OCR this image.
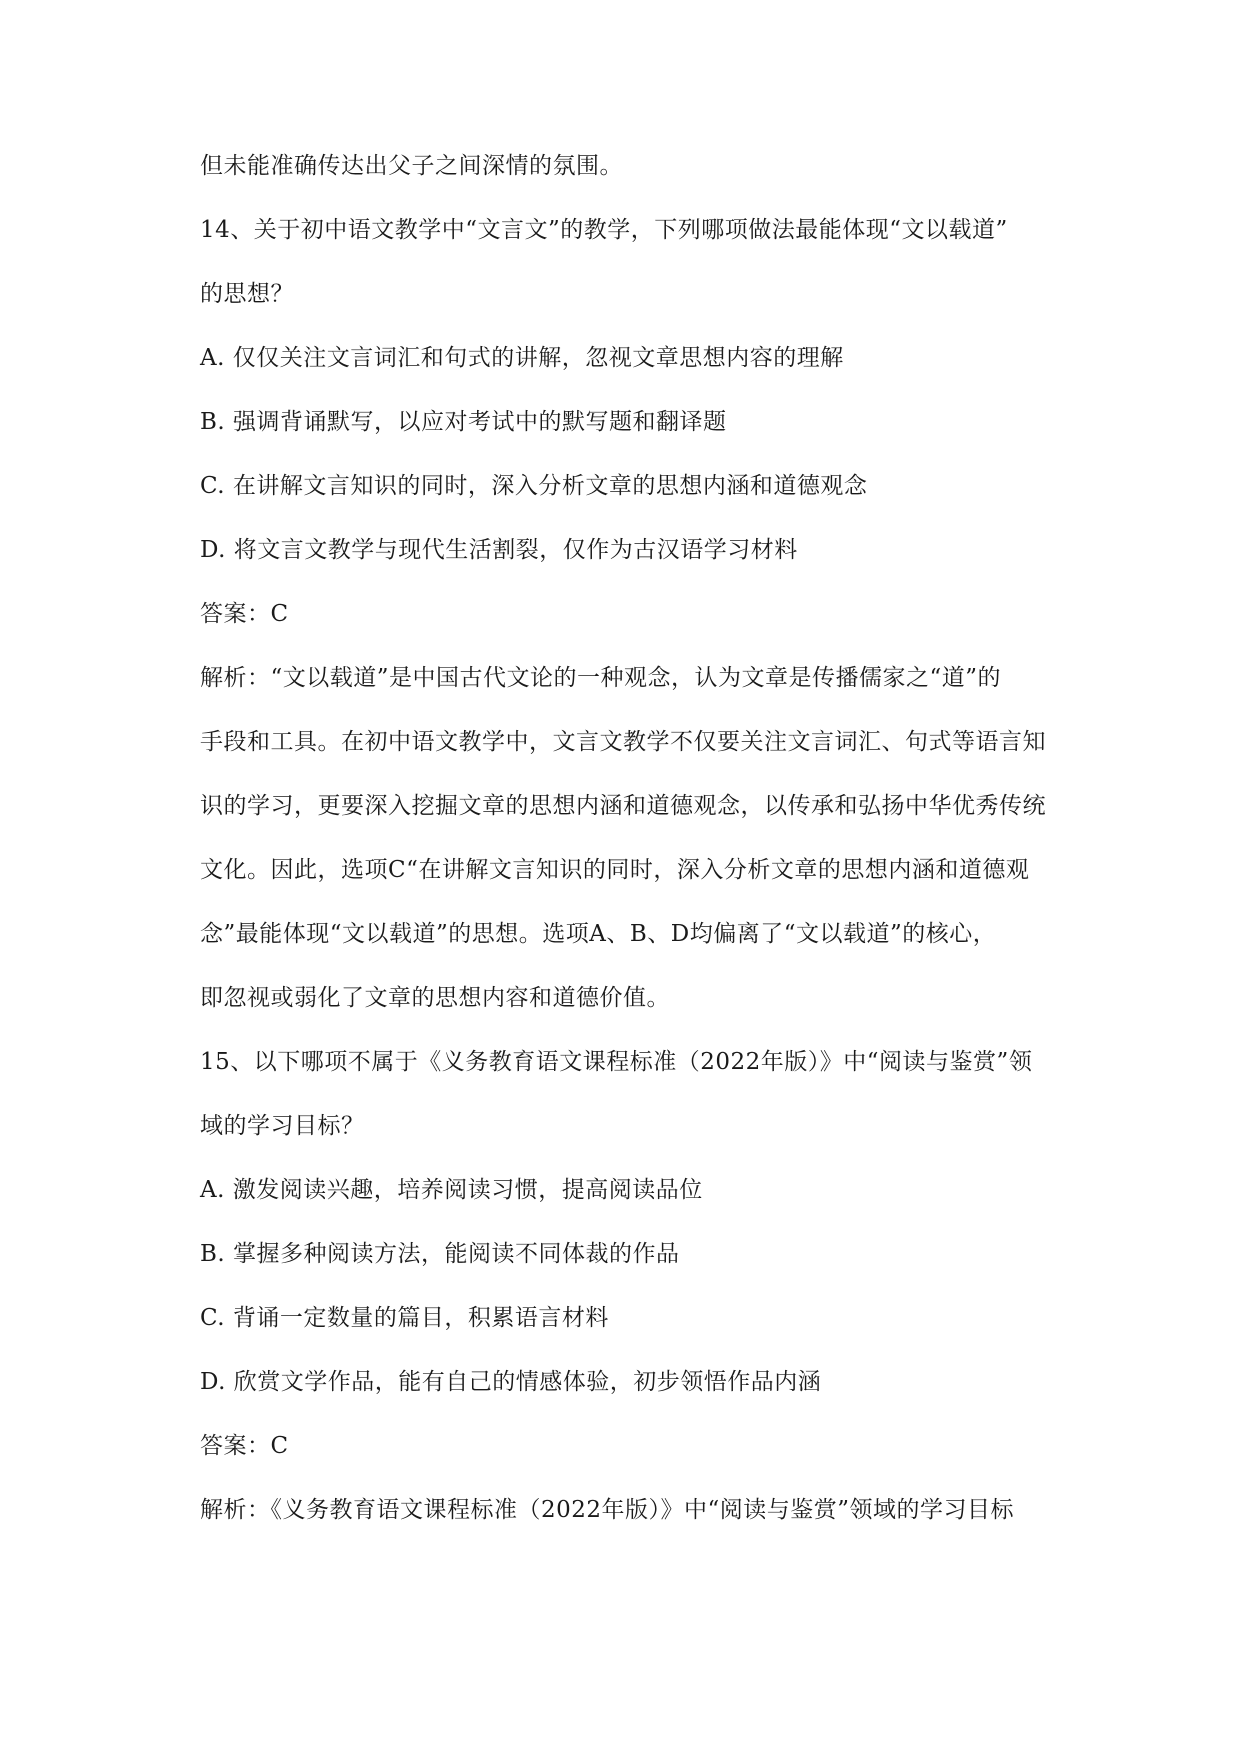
但未能准确传达出父子之间深情的氛围。
14、关于初中语文教学中“文言文”的教学，下列哪项做法最能体现“文以载道”
的思想？
A. 仅仅关注文言词汇和句式的讲解，忽视文章思想内容的理解
B. 强调背诵默写，以应对考试中的默写题和翻译题
C. 在讲解文言知识的同时，深入分析文章的思想内涵和道德观念
D. 将文言文教学与现代生活割裂，仅作为古汉语学习材料
答案：C
解析：“文以载道”是中国古代文论的一种观念，认为文章是传播儒家之“道”的
手段和工具。在初中语文教学中，文言文教学不仅要关注文言词汇、句式等语言知
识的学习，更要深入挖掘文章的思想内涵和道德观念，以传承和弘扬中华优秀传统
文化。因此，选项C“在讲解文言知识的同时，深入分析文章的思想内涵和道德观
念”最能体现“文以载道”的思想。选项A、B、D均偏离了“文以载道”的核心，
即忽视或弱化了文章的思想内容和道德价值。
15、以下哪项不属于《义务教育语文课程标准（2022年版）》中“阅读与鉴赏”领
域的学习目标？
A. 激发阅读兴趣，培养阅读习惯，提高阅读品位
B. 掌握多种阅读方法，能阅读不同体裁的作品
C. 背诵一定数量的篇目，积累语言材料
D. 欣赏文学作品，能有自己的情感体验，初步领悟作品内涵
答案：C
解析：《义务教育语文课程标准（2022年版）》中“阅读与鉴赏”领域的学习目标
